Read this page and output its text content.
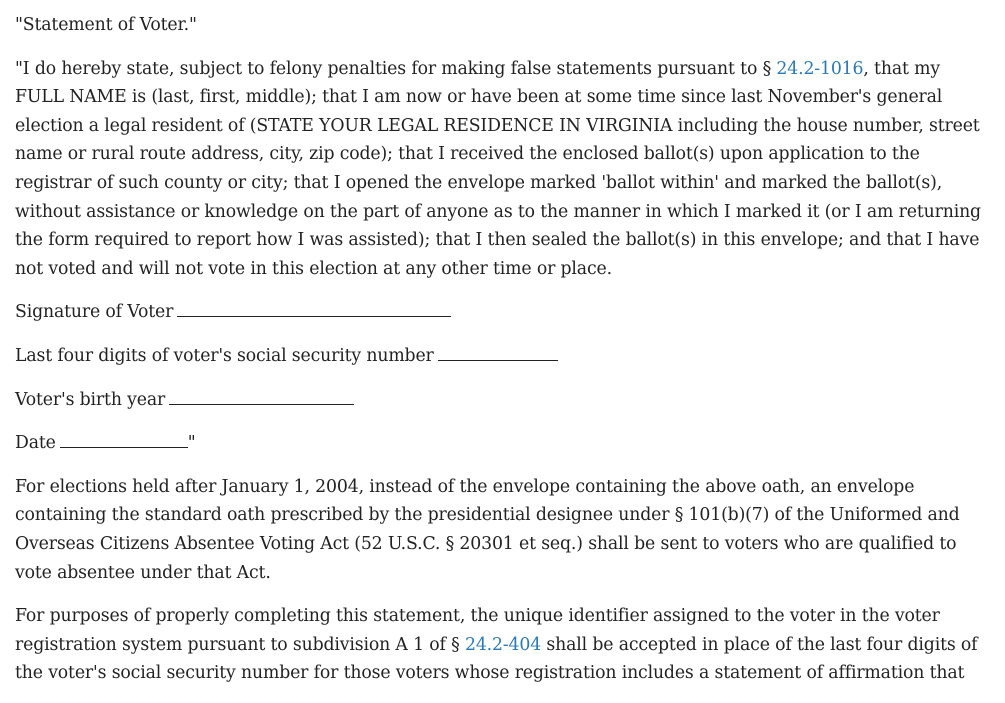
"Statement of Voter."

"I do hereby state, subject to felony penalties for making false statements pursuant to § 24.2-1016, that my FULL NAME is (last, first, middle); that I am now or have been at some time since last November's general election a legal resident of (STATE YOUR LEGAL RESIDENCE IN VIRGINIA including the house number, street name or rural route address, city, zip code); that I received the enclosed ballot(s) upon application to the registrar of such county or city; that I opened the envelope marked 'ballot within' and marked the ballot(s), without assistance or knowledge on the part of anyone as to the manner in which I marked it (or I am returning the form required to report how I was assisted); that I then sealed the ballot(s) in this envelope; and that I have not voted and will not vote in this election at any other time or place.

Signature of Voter

Last four digits of voter's social security number

Voter's birth year

Date	"

For elections held after January 1, 2004, instead of the envelope containing the above oath, an envelope containing the standard oath prescribed by the presidential designee under § 101(b)(7) of the Uniformed and Overseas Citizens Absentee Voting Act (52 U.S.C. § 20301 et seq.) shall be sent to voters who are qualified to vote absentee under that Act.

For purposes of properly completing this statement, the unique identifier assigned to the voter in the voter registration system pursuant to subdivision A 1 of § 24.2-404 shall be accepted in place of the last four digits of the voter's social security number for those voters whose registration includes a statement of affirmation that
